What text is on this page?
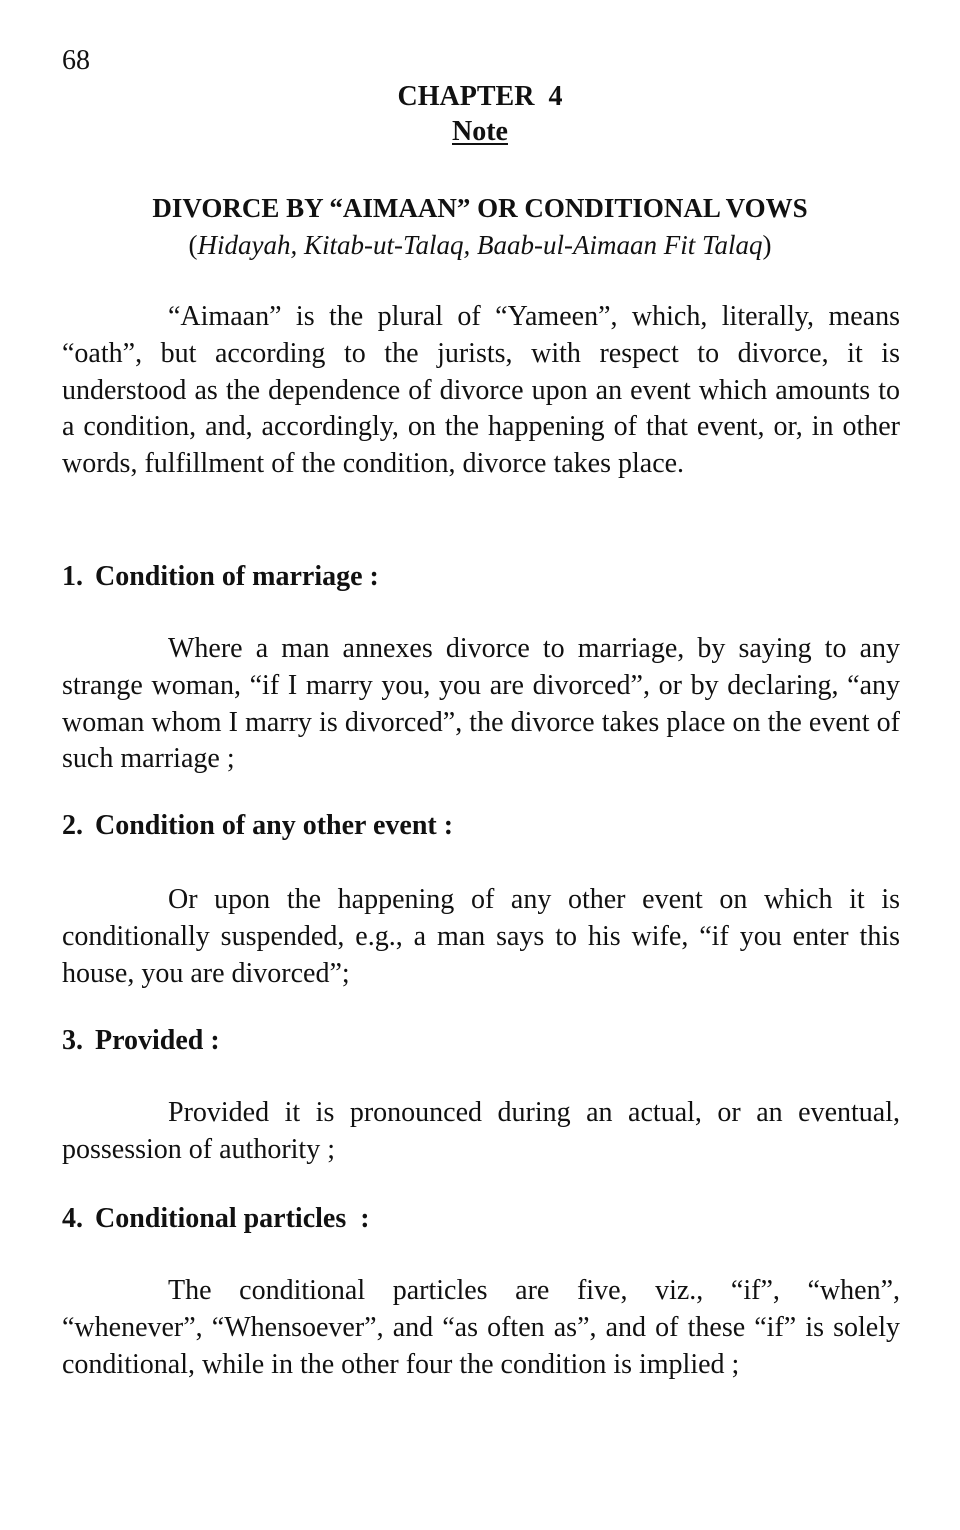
68
CHAPTER  4
Note
DIVORCE BY “AIMAAN” OR CONDITIONAL VOWS
(Hidayah, Kitab-ut-Talaq, Baab-ul-Aimaan Fit Talaq)

“Aimaan” is the plural of “Yameen”, which, literally, means “oath”, but according to the jurists, with respect to divorce, it is understood as the dependence of divorce upon an event which amounts to a condition, and, accordingly, on the happening of that event, or, in other words, fulfillment of the condition, divorce takes place.

1. Condition of marriage :

Where a man annexes divorce to marriage, by saying to any strange woman, “if I marry you, you are divorced”, or by declaring, “any woman whom I marry is divorced”, the divorce takes place on the event of such marriage ;

2. Condition of any other event :

Or upon the happening of any other event on which it is conditionally suspended, e.g., a man says to his wife, “if you enter this house, you are divorced”;

3. Provided :

Provided it is pronounced during an actual, or an eventual, possession of authority ;

4. Conditional particles  :

The conditional particles are five, viz., “if”, “when”, “whenever”, “Whensoever”, and “as often as”, and of these “if” is solely conditional, while in the other four the condition is implied ;
